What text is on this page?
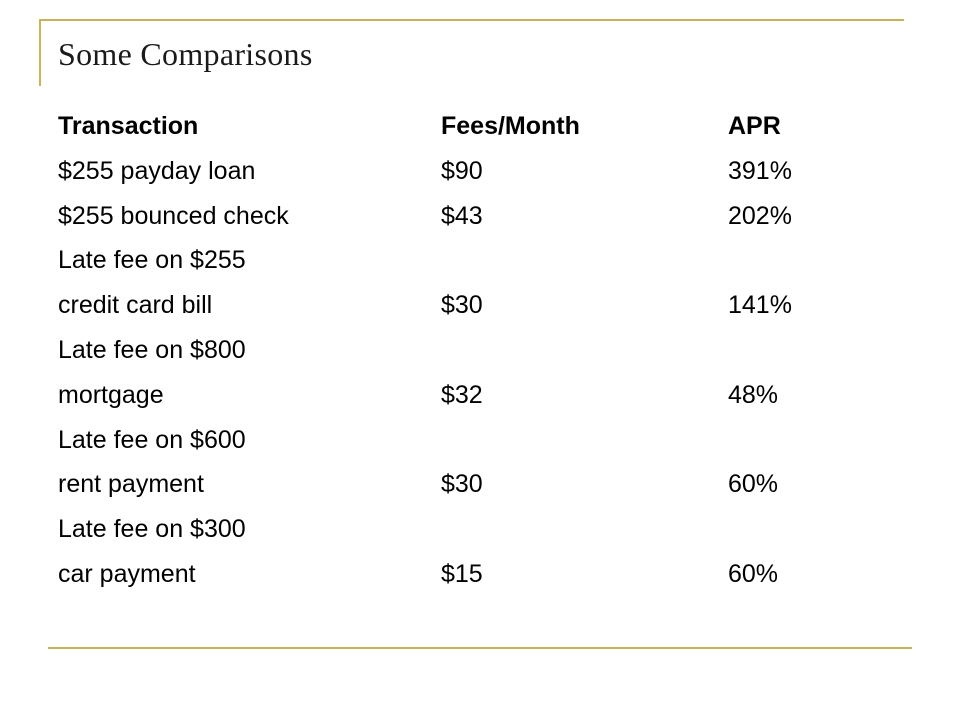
Some Comparisons
Transaction	Fees/Month	APR
$255 payday loan	$90	391%
$255 bounced check	$43	202%
Late fee on $255
credit card bill	$30	141%
Late fee on $800
mortgage	$32	48%
Late fee on $600
rent payment	$30	60%
Late fee on $300
car payment	$15	60%
